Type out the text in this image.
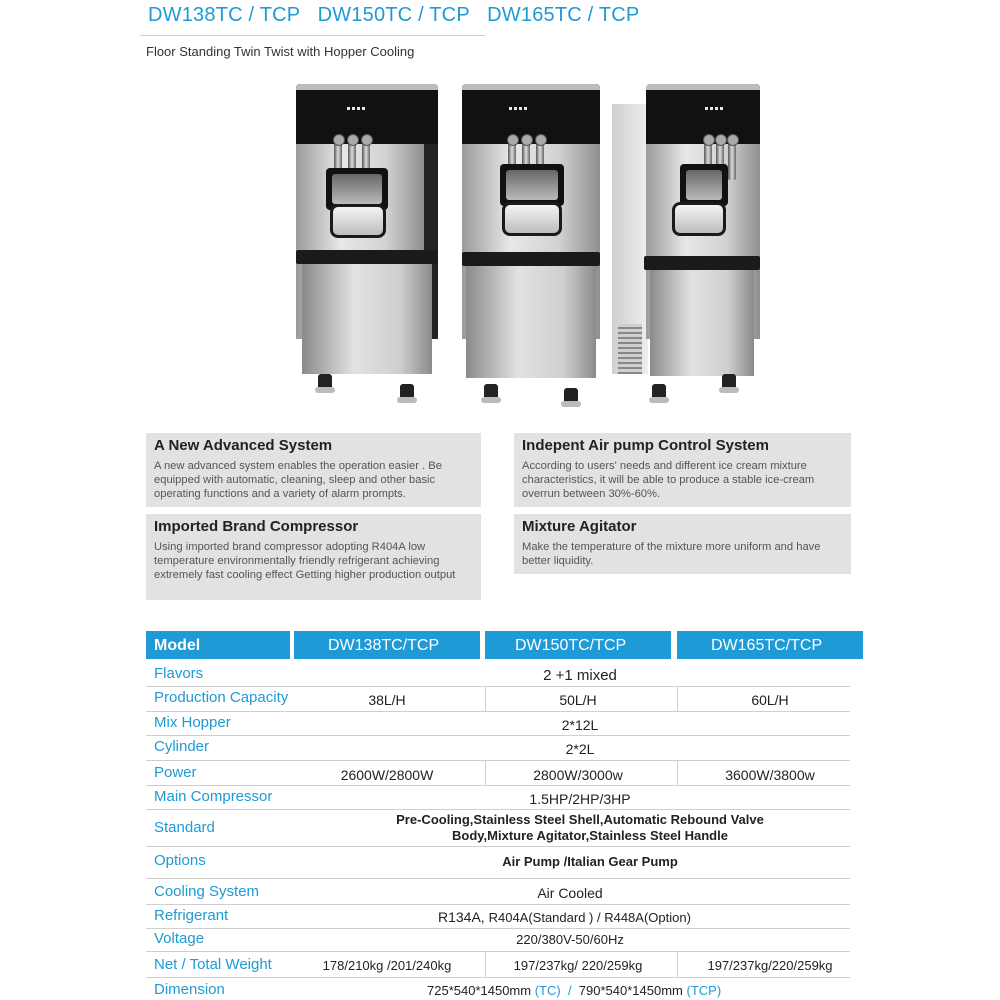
DW138TC / TCP DW150TC / TCP DW165TC / TCP
Floor Standing Twin Twist with Hopper Cooling
A New Advanced System

A new advanced system enables the operation easier . Be equipped with automatic, cleaning, sleep and other basic operating functions and a variety of alarm prompts.

Indepent Air pump Control System

According to users' needs and different ice cream mixture characteristics, it will be able to produce a stable ice-cream overrun between 30%-60%.

Imported Brand Compressor

Using imported brand compressor adopting R404A low temperature environmentally friendly refrigerant achieving extremely fast cooling effect Getting higher production output

Mixture Agitator

Make the temperature of the mixture more uniform and have better liquidity.

Model	DW138TC/TCP	DW150TC/TCP	DW165TC/TCP
Flavors	2 +1 mixed
Production Capacity	38L/H	50L/H	60L/H
Mix Hopper	2*12L
Cylinder	2*2L
Power	2600W/2800W	2800W/3000w	3600W/3800w
Main Compressor	1.5HP/2HP/3HP
Standard	Pre-Cooling,Stainless Steel Shell,Automatic Rebound Valve
Body,Mixture Agitator,Stainless Steel Handle
Options	Air Pump /Italian Gear Pump
Cooling System	Air Cooled
Refrigerant	R134A, R404A(Standard ) / R448A(Option)
Voltage	220/380V-50/60Hz
Net / Total Weight	178/210kg /201/240kg	197/237kg/ 220/259kg	197/237kg/220/259kg
Dimension	725*540*1450mm (TC) / 790*540*1450mm (TCP)
